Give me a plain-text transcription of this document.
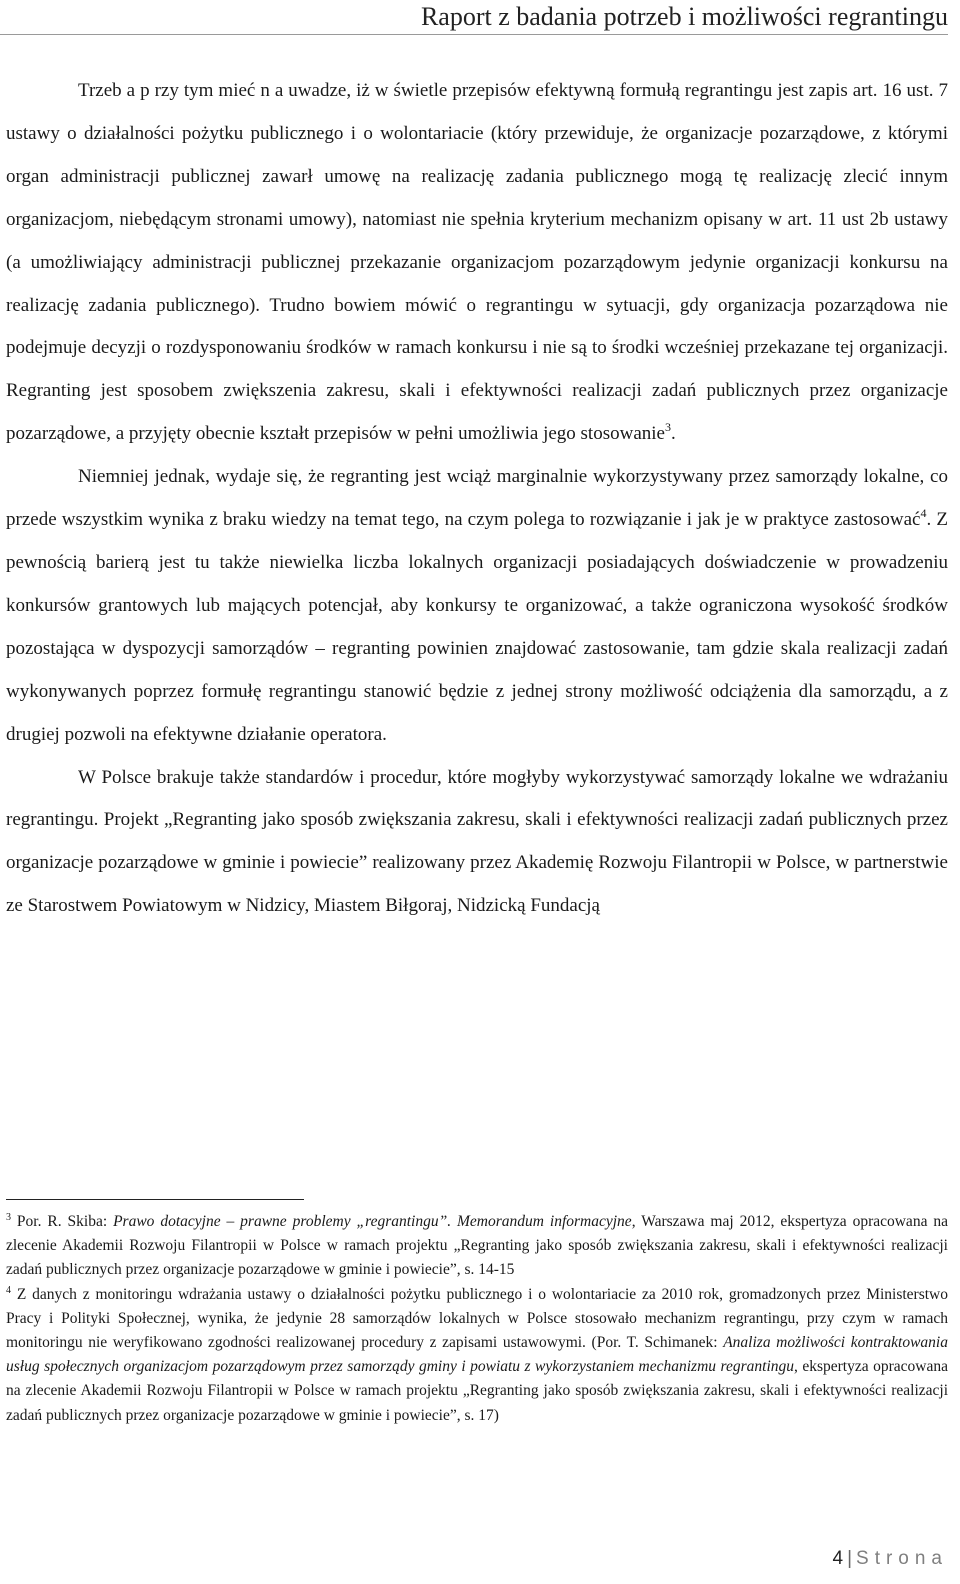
Raport z badania potrzeb i możliwości regrantingu

Trzeb a p rzy tym mieć n a uwadze, iż w świetle przepisów efektywną formułą regrantingu jest zapis art. 16 ust. 7 ustawy o działalności pożytku publicznego i o wolontariacie (który przewiduje, że organizacje pozarządowe, z którymi organ administracji publicznej zawarł umowę na realizację zadania publicznego mogą tę realizację zlecić innym organizacjom, niebędącym stronami umowy), natomiast nie spełnia kryterium mechanizm opisany w art. 11 ust 2b ustawy (a umożliwiający administracji publicznej przekazanie organizacjom pozarządowym jedynie organizacji konkursu na realizację zadania publicznego). Trudno bowiem mówić o regrantingu w sytuacji, gdy organizacja pozarządowa nie podejmuje decyzji o rozdysponowaniu środków w ramach konkursu i nie są to środki wcześniej przekazane tej organizacji. Regranting jest sposobem zwiększenia zakresu, skali i efektywności realizacji zadań publicznych przez organizacje pozarządowe, a przyjęty obecnie kształt przepisów w pełni umożliwia jego stosowanie$^3$.

Niemniej jednak, wydaje się, że regranting jest wciąż marginalnie wykorzystywany przez samorządy lokalne, co przede wszystkim wynika z braku wiedzy na temat tego, na czym polega to rozwiązanie i jak je w praktyce zastosować$^4$. Z pewnością barierą jest tu także niewielka liczba lokalnych organizacji posiadających doświadczenie w prowadzeniu konkursów grantowych lub mających potencjał, aby konkursy te organizować, a także ograniczona wysokość środków pozostająca w dyspozycji samorządów – regranting powinien znajdować zastosowanie, tam gdzie skala realizacji zadań wykonywanych poprzez formułę regrantingu stanowić będzie z jednej strony możliwość odciążenia dla samorządu, a z drugiej pozwoli na efektywne działanie operatora.

W Polsce brakuje także standardów i procedur, które mogłyby wykorzystywać samorządy lokalne we wdrażaniu regrantingu. Projekt „Regranting jako sposób zwiększania zakresu, skali i efektywności realizacji zadań publicznych przez organizacje pozarządowe w gminie i powiecie” realizowany przez Akademię Rozwoju Filantropii w Polsce, w partnerstwie ze Starostwem Powiatowym w Nidzicy, Miastem Biłgoraj, Nidzicką Fundacją

$^3$ Por. R. Skiba: Prawo dotacyjne – prawne problemy „regrantingu”. Memorandum informacyjne, Warszawa maj 2012, ekspertyza opracowana na zlecenie Akademii Rozwoju Filantropii w Polsce w ramach projektu „Regranting jako sposób zwiększania zakresu, skali i efektywności realizacji zadań publicznych przez organizacje pozarządowe w gminie i powiecie”, s. 14-15

$^4$ Z danych z monitoringu wdrażania ustawy o działalności pożytku publicznego i o wolontariacie za 2010 rok, gromadzonych przez Ministerstwo Pracy i Polityki Społecznej, wynika, że jedynie 28 samorządów lokalnych w Polsce stosowało mechanizm regrantingu, przy czym w ramach monitoringu nie weryfikowano zgodności realizowanej procedury z zapisami ustawowymi. (Por. T. Schimanek: Analiza możliwości kontraktowania usług społecznych organizacjom pozarządowym przez samorządy gminy i powiatu z wykorzystaniem mechanizmu regrantingu, ekspertyza opracowana na zlecenie Akademii Rozwoju Filantropii w Polsce w ramach projektu „Regranting jako sposób zwiększania zakresu, skali i efektywności realizacji zadań publicznych przez organizacje pozarządowe w gminie i powiecie”, s. 17)

4 | Strona
